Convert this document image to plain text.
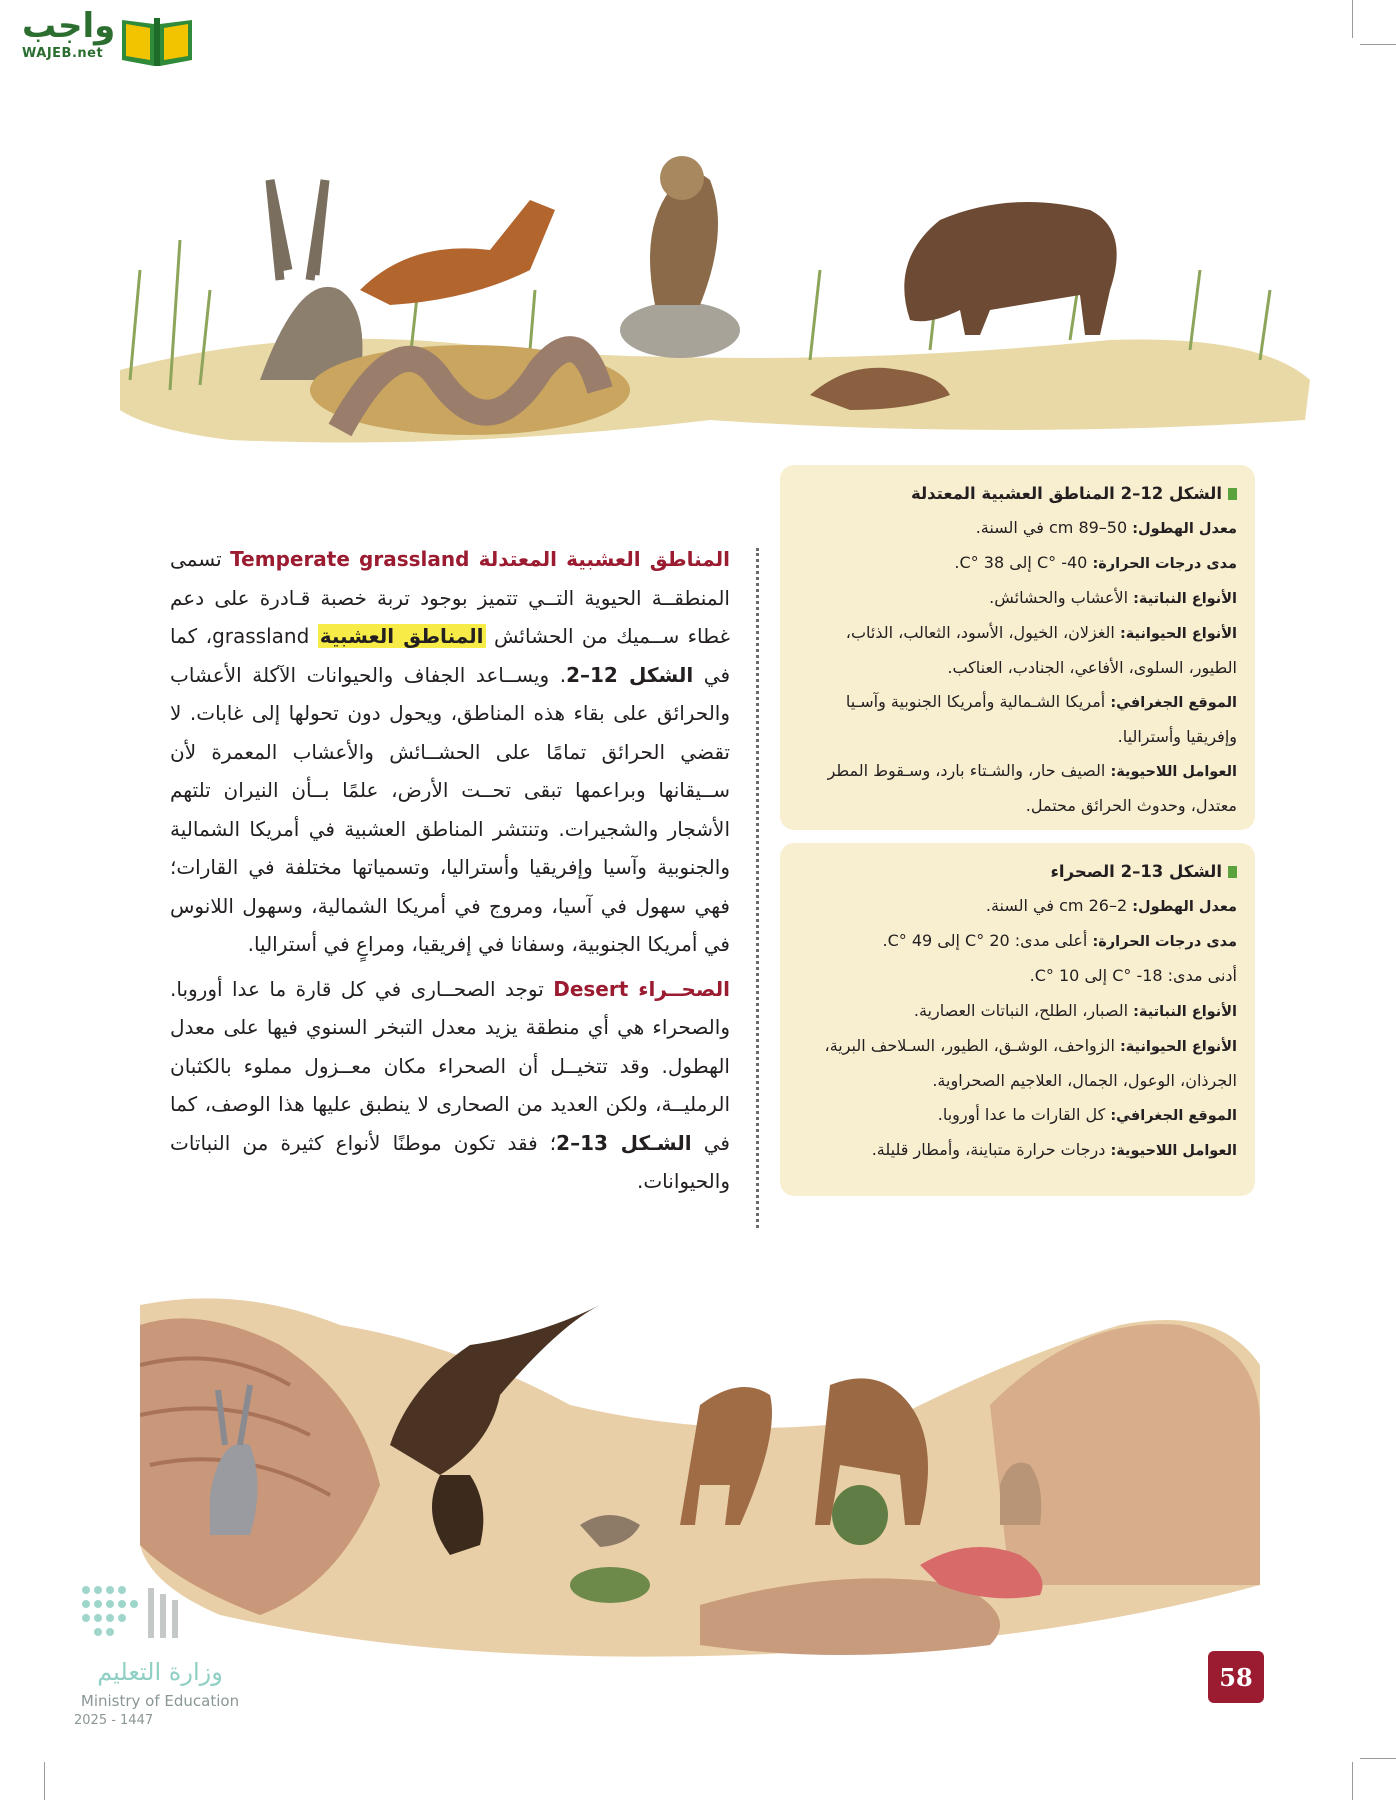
واجب
WAJEB.net

المناطق العشبية المعتدلة Temperate grassland تسمى المنطقــة الحيوية التــي تتميز بوجود تربة خصبة قـادرة على دعم غطاء ســميك من الحشائش المناطق العشبية grassland، كما في الشكل 12–2. ويســاعد الجفاف والحيوانات الآكلة الأعشاب والحرائق على بقاء هذه المناطق، ويحول دون تحولها إلى غابات. لا تقضي الحرائق تمامًا على الحشــائش والأعشاب المعمرة لأن ســيقانها وبراعمها تبقى تحــت الأرض، علمًا بــأن النيران تلتهم الأشجار والشجيرات. وتنتشر المناطق العشبية في أمريكا الشمالية والجنوبية وآسيا وإفريقيا وأستراليا، وتسمياتها مختلفة في القارات؛ فهي سهول في آسيا، ومروج في أمريكا الشمالية، وسهول اللانوس في أمريكا الجنوبية، وسفانا في إفريقيا، ومراعٍ في أستراليا.

الصحــراء Desert توجد الصحــارى في كل قارة ما عدا أوروبا. والصحراء هي أي منطقة يزيد معدل التبخر السنوي فيها على معدل الهطول. وقد تتخيــل أن الصحراء مكان معــزول مملوء بالكثبان الرمليــة، ولكن العديد من الصحارى لا ينطبق عليها هذا الوصف، كما في الشـكل 13–2؛ فقد تكون موطنًا لأنواع كثيرة من النباتات والحيوانات.

الشكل 12–2 المناطق العشبية المعتدلة
معدل الهطول: 50–89 cm في السنة.
مدى درجات الحرارة: 40- °C إلى 38 °C.
الأنواع النباتية: الأعشاب والحشائش.
الأنواع الحيوانية: الغزلان، الخيول، الأسود، الثعالب، الذئاب، الطيور، السلوى، الأفاعي، الجنادب، العناكب.
الموقع الجغرافي: أمريكا الشـمالية وأمريكا الجنوبية وآسـيا وإفريقيا وأستراليا.
العوامل اللاحيوية: الصيف حار، والشـتاء بارد، وسـقوط المطر معتدل، وحدوث الحرائق محتمل.
الشكل 13–2 الصحراء
معدل الهطول: 2–26 cm في السنة.
مدى درجات الحرارة: أعلى مدى: 20 °C إلى 49 °C.
أدنى مدى: 18- °C إلى 10 °C.
الأنواع النباتية: الصبار، الطلح، النباتات العصارية.
الأنواع الحيوانية: الزواحف، الوشـق، الطيور، السـلاحف البرية، الجرذان، الوعول، الجمال، العلاجيم الصحراوية.
الموقع الجغرافي: كل القارات ما عدا أوروبا.
العوامل اللاحيوية: درجات حرارة متباينة، وأمطار قليلة.
58
وزارة التعليم
Ministry of Education
2025 - 1447
